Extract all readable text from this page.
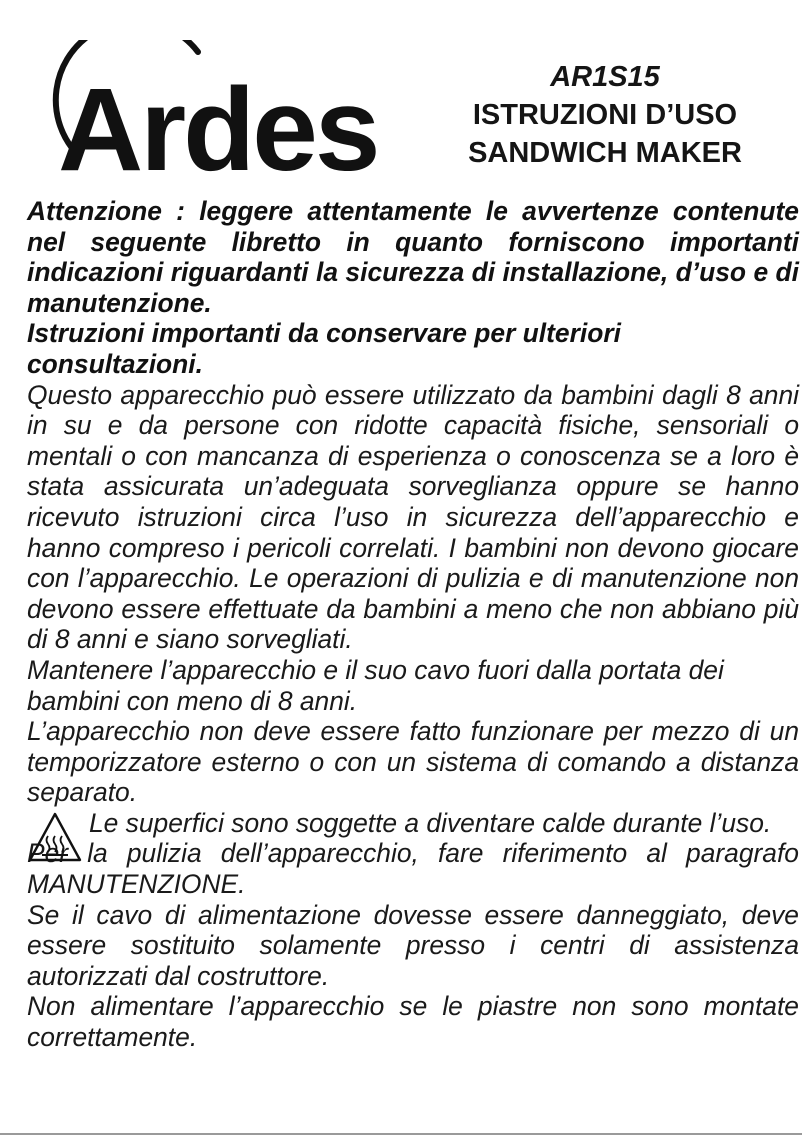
Ardes	AR1S15
ISTRUZIONI D’USO
SANDWICH MAKER

Attenzione : leggere attentamente le avvertenze contenute nel seguente libretto in quanto forniscono importanti indicazioni riguardanti la sicurezza di installazione, d’uso e di manutenzione.

Istruzioni importanti da conservare per ulteriori consultazioni.

Questo apparecchio può essere utilizzato da bambini dagli 8 anni in su e da persone con ridotte capacità fisiche, sensoriali o mentali o con mancanza di esperienza o conoscenza se a loro è stata assicurata un’adeguata sorveglianza oppure se hanno ricevuto istruzioni circa l’uso in sicurezza dell’apparecchio e hanno compreso i pericoli correlati. I bambini non devono giocare con l’apparecchio. Le operazioni di pulizia e di manutenzione non devono essere effettuate da bambini a meno che non abbiano più di 8 anni e siano sorvegliati.

Mantenere l’apparecchio e il suo cavo fuori dalla portata dei bambini con meno di 8 anni.

L’apparecchio non deve essere fatto funzionare per mezzo di un temporizzatore esterno o con un sistema di comando a distanza separato.

Le superfici sono soggette a diventare calde durante l’uso.

Per la pulizia dell’apparecchio, fare riferimento al paragrafo MANUTENZIONE.

Se il cavo di alimentazione dovesse essere danneggiato, deve essere sostituito solamente presso i centri di assistenza autorizzati dal costruttore.

Non alimentare l’apparecchio se le piastre non sono montate correttamente.
